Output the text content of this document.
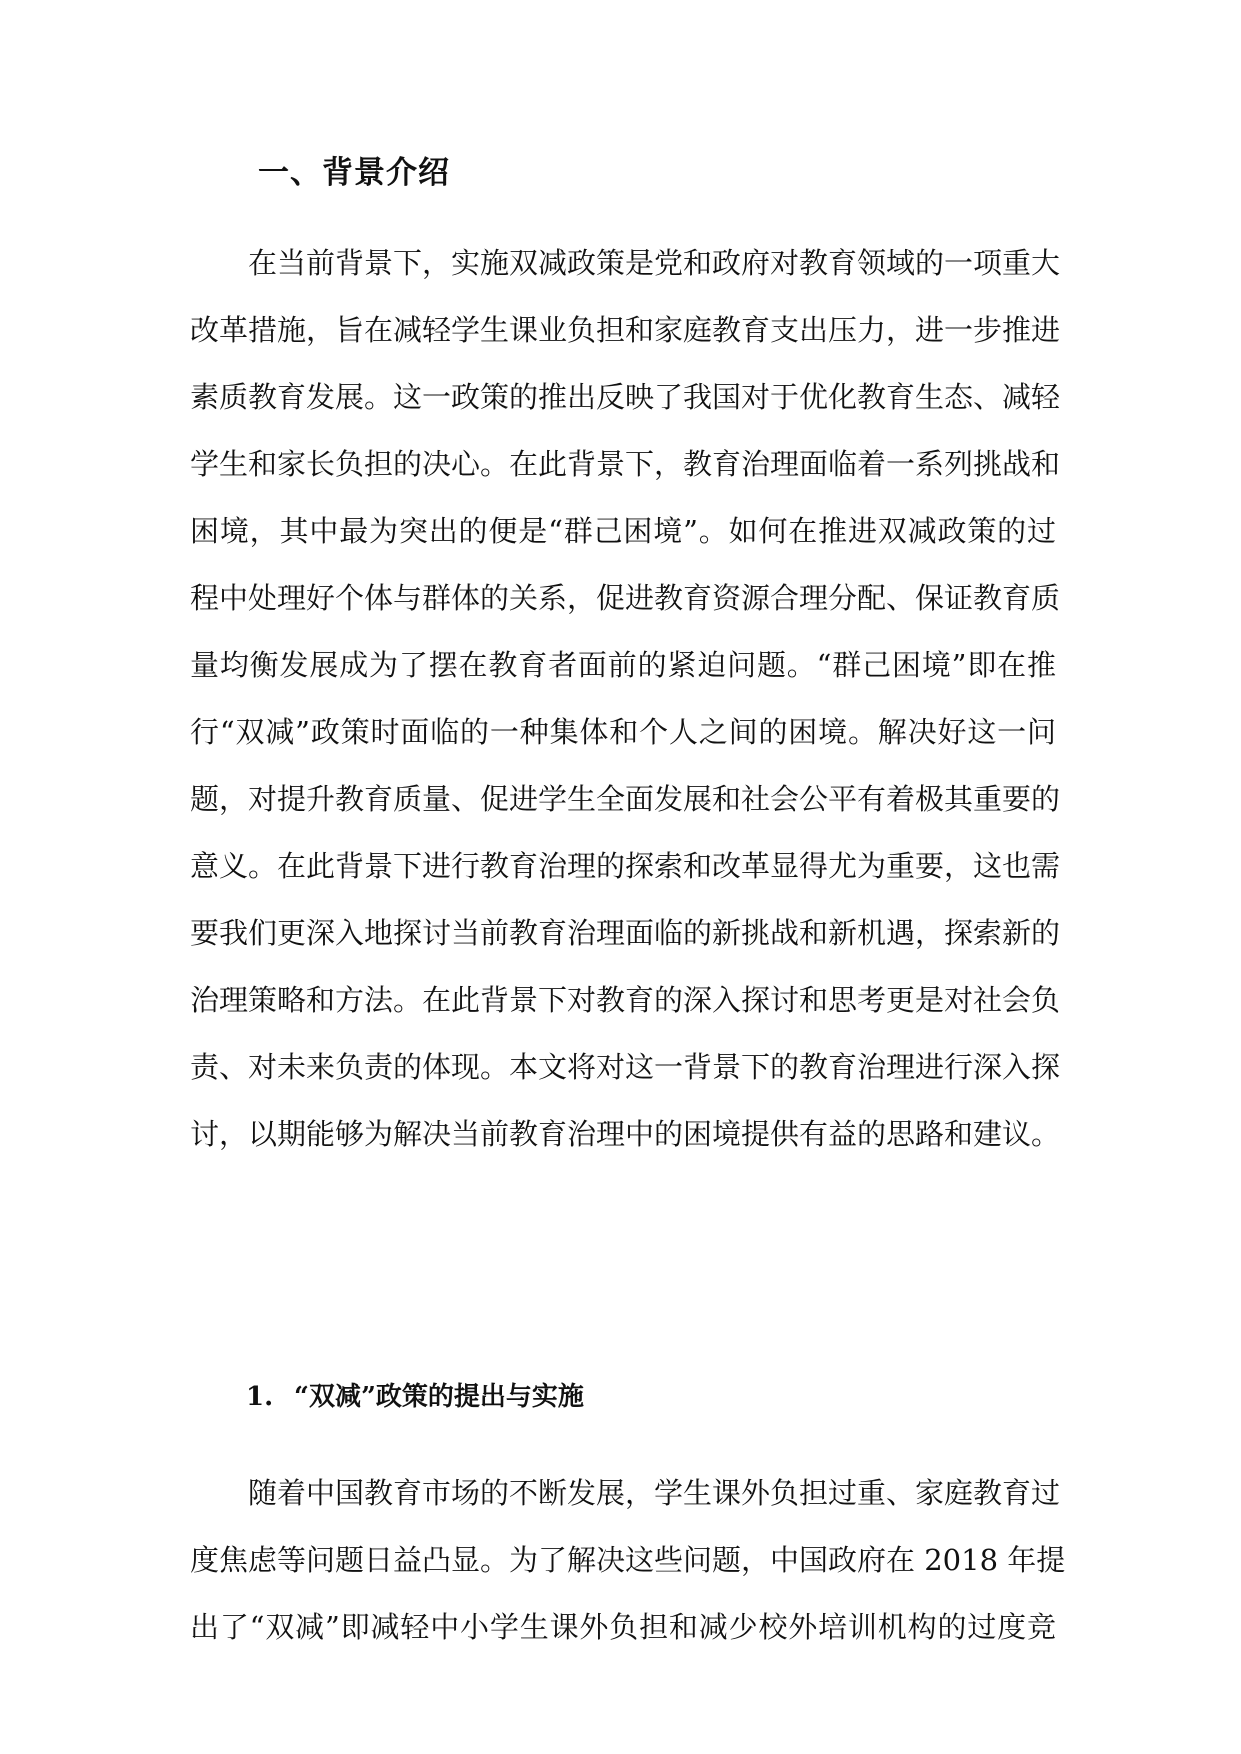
一、背景介绍
在当前背景下，实施双减政策是党和政府对教育领域的一项重大
改革措施，旨在减轻学生课业负担和家庭教育支出压力，进一步推进
素质教育发展。这一政策的推出反映了我国对于优化教育生态、减轻
学生和家长负担的决心。在此背景下，教育治理面临着一系列挑战和
困境，其中最为突出的便是“群己困境”。如何在推进双减政策的过
程中处理好个体与群体的关系，促进教育资源合理分配、保证教育质
量均衡发展成为了摆在教育者面前的紧迫问题。“群己困境”即在推
行“双减”政策时面临的一种集体和个人之间的困境。解决好这一问
题，对提升教育质量、促进学生全面发展和社会公平有着极其重要的
意义。在此背景下进行教育治理的探索和改革显得尤为重要，这也需
要我们更深入地探讨当前教育治理面临的新挑战和新机遇，探索新的
治理策略和方法。在此背景下对教育的深入探讨和思考更是对社会负
责、对未来负责的体现。本文将对这一背景下的教育治理进行深入探
讨，以期能够为解决当前教育治理中的困境提供有益的思路和建议。
1. “双减”政策的提出与实施
随着中国教育市场的不断发展，学生课外负担过重、家庭教育过
度焦虑等问题日益凸显。为了解决这些问题，中国政府在 2018 年提
出了“双减”即减轻中小学生课外负担和减少校外培训机构的过度竞
